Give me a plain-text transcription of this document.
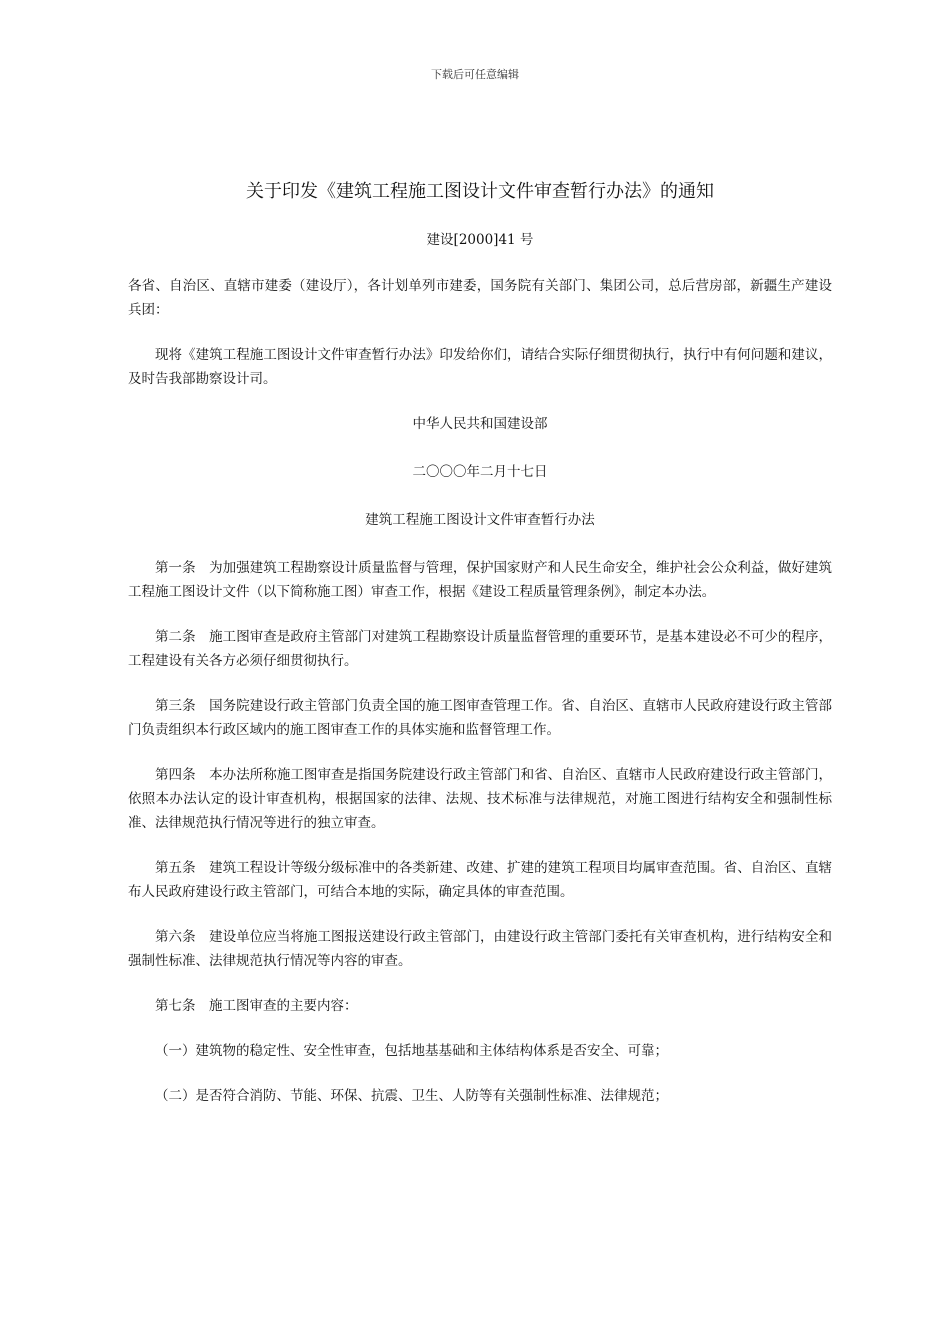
下载后可任意编辑
关于印发《建筑工程施工图设计文件审查暂行办法》的通知
建设[2000]41 号

各省、自治区、直辖市建委（建设厅），各计划单列市建委，国务院有关部门、集团公司，总后营房部，新疆生产建设兵团：

现将《建筑工程施工图设计文件审查暂行办法》印发给你们，请结合实际仔细贯彻执行，执行中有何问题和建议，及时告我部勘察设计司。

中华人民共和国建设部
二〇〇〇年二月十七日
建筑工程施工图设计文件审查暂行办法

第一条 为加强建筑工程勘察设计质量监督与管理，保护国家财产和人民生命安全，维护社会公众利益，做好建筑工程施工图设计文件（以下简称施工图）审查工作，根据《建设工程质量管理条例》，制定本办法。

第二条 施工图审查是政府主管部门对建筑工程勘察设计质量监督管理的重要环节，是基本建设必不可少的程序，工程建设有关各方必须仔细贯彻执行。

第三条 国务院建设行政主管部门负责全国的施工图审查管理工作。省、自治区、直辖市人民政府建设行政主管部门负责组织本行政区域内的施工图审查工作的具体实施和监督管理工作。

第四条 本办法所称施工图审查是指国务院建设行政主管部门和省、自治区、直辖市人民政府建设行政主管部门，依照本办法认定的设计审查机构，根据国家的法律、法规、技术标准与法律规范，对施工图进行结构安全和强制性标准、法律规范执行情况等进行的独立审查。

第五条 建筑工程设计等级分级标准中的各类新建、改建、扩建的建筑工程项目均属审查范围。省、自治区、直辖布人民政府建设行政主管部门，可结合本地的实际，确定具体的审查范围。

第六条 建设单位应当将施工图报送建设行政主管部门，由建设行政主管部门委托有关审查机构，进行结构安全和强制性标准、法律规范执行情况等内容的审查。

第七条 施工图审查的主要内容：

（一）建筑物的稳定性、安全性审查，包括地基基础和主体结构体系是否安全、可靠；

（二）是否符合消防、节能、环保、抗震、卫生、人防等有关强制性标准、法律规范；
